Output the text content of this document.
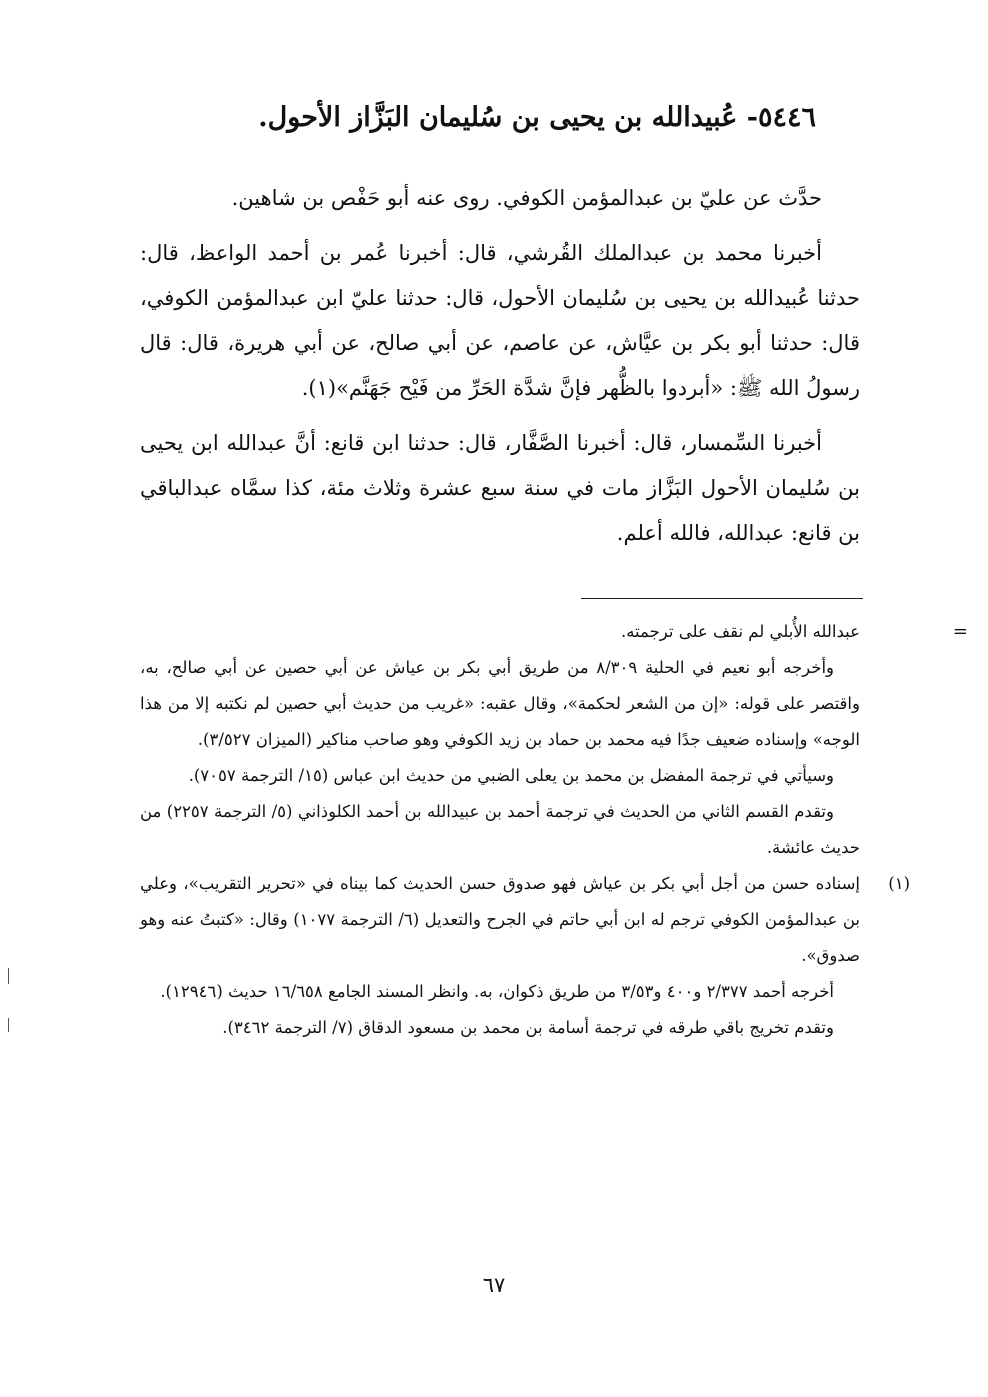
٥٤٤٦- عُبيدالله بن يحيى بن سُليمان البَزَّاز الأحول.

حدَّث عن عليّ بن عبدالمؤمن الكوفي. روى عنه أبو حَفْص بن شاهين.

أخبرنا محمد بن عبدالملك القُرشي، قال: أخبرنا عُمر بن أحمد الواعظ، قال: حدثنا عُبيدالله بن يحيى بن سُليمان الأحول، قال: حدثنا عليّ ابن عبدالمؤمن الكوفي، قال: حدثنا أبو بكر بن عيَّاش، عن عاصم، عن أبي صالح، عن أبي هريرة، قال: قال رسولُ الله ﷺ: «أبردوا بالظُّهر فإنَّ شدَّة الحَرِّ من فَيْح جَهَنَّم»(١).

أخبرنا السِّمسار، قال: أخبرنا الصَّفَّار، قال: حدثنا ابن قانع: أنَّ عبدالله ابن يحيى بن سُليمان الأحول البَزَّاز مات في سنة سبع عشرة وثلاث مئة، كذا سمَّاه عبدالباقي بن قانع: عبدالله، فالله أعلم.

=

عبدالله الأُبلي لم نقف على ترجمته.

وأخرجه أبو نعيم في الحلية ٨/٣٠٩ من طريق أبي بكر بن عياش عن أبي حصين عن أبي صالح، به، واقتصر على قوله: «إن من الشعر لحكمة»، وقال عقبه: «غريب من حديث أبي حصين لم نكتبه إلا من هذا الوجه» وإسناده ضعيف جدًا فيه محمد بن حماد بن زيد الكوفي وهو صاحب مناكير (الميزان ٣/٥٢٧).

وسيأتي في ترجمة المفضل بن محمد بن يعلى الضبي من حديث ابن عباس (١٥/ الترجمة ٧٠٥٧).

وتقدم القسم الثاني من الحديث في ترجمة أحمد بن عبيدالله بن أحمد الكلوذاني (٥/ الترجمة ٢٢٥٧) من حديث عائشة.

(١)

إسناده حسن من أجل أبي بكر بن عياش فهو صدوق حسن الحديث كما بيناه في «تحرير التقريب»، وعلي بن عبدالمؤمن الكوفي ترجم له ابن أبي حاتم في الجرح والتعديل (٦/ الترجمة ١٠٧٧) وقال: «كتبتُ عنه وهو صدوق».

أخرجه أحمد ٢/٣٧٧ و٤٠٠ و٣/٥٣ من طريق ذكوان، به. وانظر المسند الجامع ١٦/٦٥٨ حديث (١٢٩٤٦).

وتقدم تخريج باقي طرقه في ترجمة أسامة بن محمد بن مسعود الدقاق (٧/ الترجمة ٣٤٦٢).

٦٧
